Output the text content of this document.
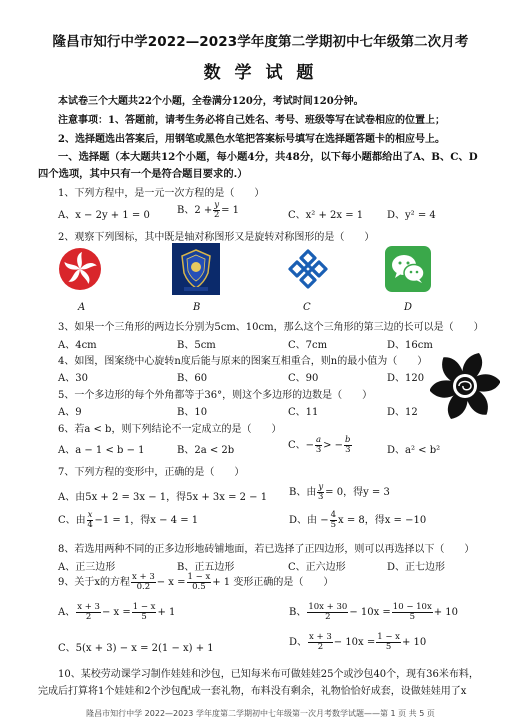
隆昌市知行中学2022—2023学年度第二学期初中七年级第二次月考
数 学 试 题
本试卷三个大题共22个小题，全卷满分120分，考试时间120分钟。
注意事项：1、答题前，请考生务必将自己姓名、考号、班级等写在试卷相应的位置上；
2、选择题选出答案后，用钢笔或黑色水笔把答案标号填写在选择题答题卡的相应号上。
一、选择题（本大题共12个小题，每小题4分，共48分，以下每小题都给出了A、B、C、D
四个选项，其中只有一个是符合题目要求的.）
1、下列方程中，是一元一次方程的是（　　）
A、x − 2y + 1 = 0	B、$2 + \frac{y}{2} = 1$	C、x² + 2x = 1 D、y² = 4
2、观察下列图标，其中既是轴对称图形又是旋转对称图形的是（　　）
A	B	C	D
3、如果一个三角形的两边长分别为5cm、10cm，那么这个三角形的第三边的长可以是（　　）
A、4cm	B、5cm	C、7cm	D、16cm
4、如图，图案绕中心旋转n度后能与原来的图案互相重合，则n的最小值为（　　）
A、30	B、60	C、90	D、120
5、一个多边形的每个外角都等于36°，则这个多边形的边数是（　　）
A、9	B、10	C、11	D、12
6、若a < b，则下列结论不一定成立的是（　　）
A、a − 1 < b − 1	B、2a < 2b	C、− $\frac{a}{3}$ > − $\frac{b}{3}$	D、a² < b²
7、下列方程的变形中，正确的是（　　）
A、由5x + 2 = 3x − 1，得5x + 3x = 2 − 1 B、由 $\frac{y}{3} = 0$，得y = 3
C、由 $\frac{x}{4} -1 = 1$，得x − 4 = 1	D、由 − $\frac{4}{5}$ x = 8，得x = −10
8、若选用两种不同的正多边形地砖铺地面，若已选择了正四边形，则可以再选择以下（　　）
A、正三边形	B、正五边形	C、正六边形	D、正七边形
9、关于x的方程 $\frac{x + 3}{0.2} - x = \frac{1 - x}{0.5} + 1$ 变形正确的是（　　）
A、 $\frac{x + 3}{2} - x = \frac{1 - x}{5} + 1$	B、 $\frac{10x + 30}{2} - 10x = \frac{10 - 10x}{5} + 10$
C、5(x + 3) − x = 2(1 − x) + 1
D、 $\frac{x + 3}{2} - 10x = \frac{1 - x}{5} + 10$
10、某校劳动课学习制作娃娃和沙包，已知每米布可做娃娃25个或沙包40个，现有36米布料，
完成后打算将1个娃娃和2个沙包配成一套礼物，布料没有剩余，礼物恰恰好成套，设做娃娃用了x
隆昌市知行中学 2022—2023 学年度第二学期初中七年级第一次月考数学试题——第 1 页 共 5 页
